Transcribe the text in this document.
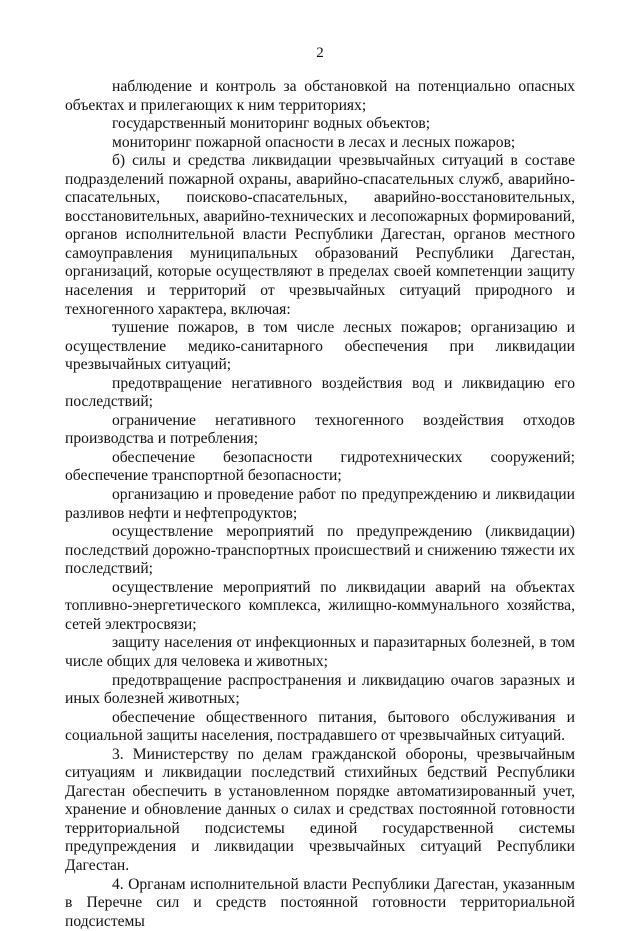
2

наблюдение и контроль за обстановкой на потенциально опасных объектах и прилегающих к ним территориях;

государственный мониторинг водных объектов;

мониторинг пожарной опасности в лесах и лесных пожаров;

б) силы и средства ликвидации чрезвычайных ситуаций в составе подразделений пожарной охраны, аварийно-спасательных служб, аварийно-спасательных, поисково-спасательных, аварийно-восстановительных, восстановительных, аварийно-технических и лесопожарных формирований, органов исполнительной власти Республики Дагестан, органов местного самоуправления муниципальных образований Республики Дагестан, организаций, которые осуществляют в пределах своей компетенции защиту населения и территорий от чрезвычайных ситуаций природного и техногенного характера, включая:

тушение пожаров, в том числе лесных пожаров; организацию и осуществление медико-санитарного обеспечения при ликвидации чрезвычайных ситуаций;

предотвращение негативного воздействия вод и ликвидацию его последствий;

ограничение негативного техногенного воздействия отходов производства и потребления;

обеспечение безопасности гидротехнических сооружений; обеспечение транспортной безопасности;

организацию и проведение работ по предупреждению и ликвидации разливов нефти и нефтепродуктов;

осуществление мероприятий по предупреждению (ликвидации) последствий дорожно-транспортных происшествий и снижению тяжести их последствий;

осуществление мероприятий по ликвидации аварий на объектах топливно-энергетического комплекса, жилищно-коммунального хозяйства, сетей электросвязи;

защиту населения от инфекционных и паразитарных болезней, в том числе общих для человека и животных;

предотвращение распространения и ликвидацию очагов заразных и иных болезней животных;

обеспечение общественного питания, бытового обслуживания и социальной защиты населения, пострадавшего от чрезвычайных ситуаций.

3. Министерству по делам гражданской обороны, чрезвычайным ситуациям и ликвидации последствий стихийных бедствий Республики Дагестан обеспечить в установленном порядке автоматизированный учет, хранение и обновление данных о силах и средствах постоянной готовности территориальной подсистемы единой государственной системы предупреждения и ликвидации чрезвычайных ситуаций Республики Дагестан.

4. Органам исполнительной власти Республики Дагестан, указанным в Перечне сил и средств постоянной готовности территориальной подсистемы
